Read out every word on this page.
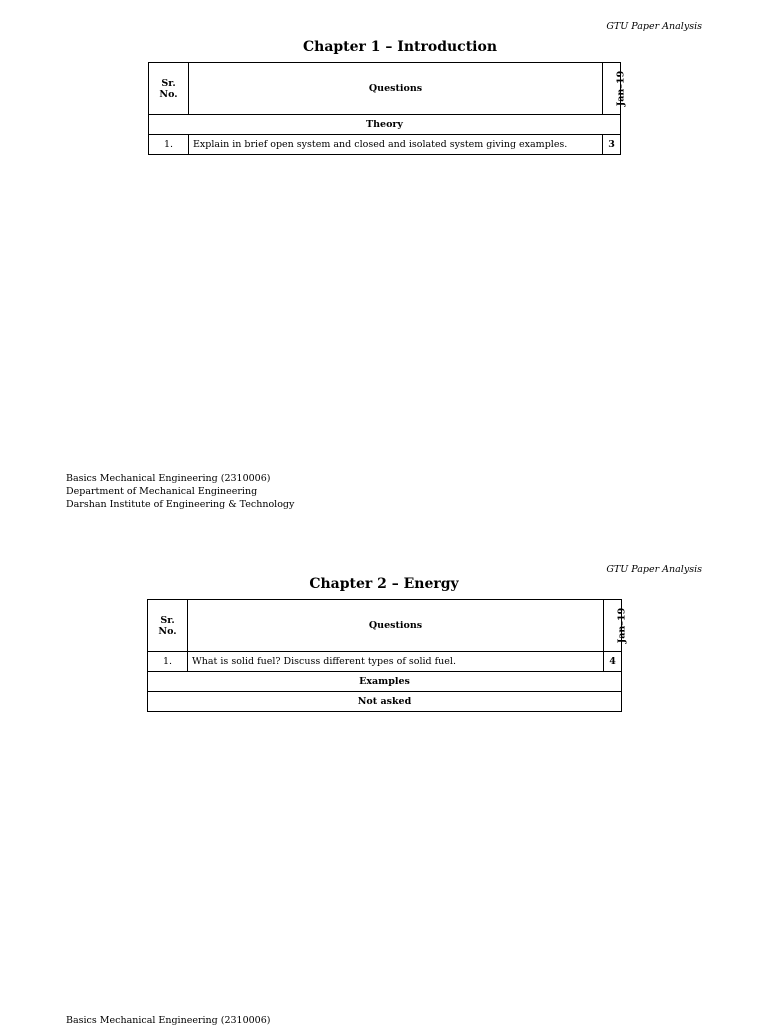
GTU Paper Analysis
Chapter 1 – Introduction
Sr. No.	Questions	Jan–19
Theory		
1.	Explain in brief open system and closed and isolated system giving examples.	3
Basics Mechanical Engineering (2310006)
Department of Mechanical Engineering
Darshan Institute of Engineering & Technology
GTU Paper Analysis
Chapter 2 – Energy
Sr. No.	Questions	Jan–19
1.	What is solid fuel? Discuss different types of solid fuel.	4
Examples		
Not asked		
Basics Mechanical Engineering (2310006)
